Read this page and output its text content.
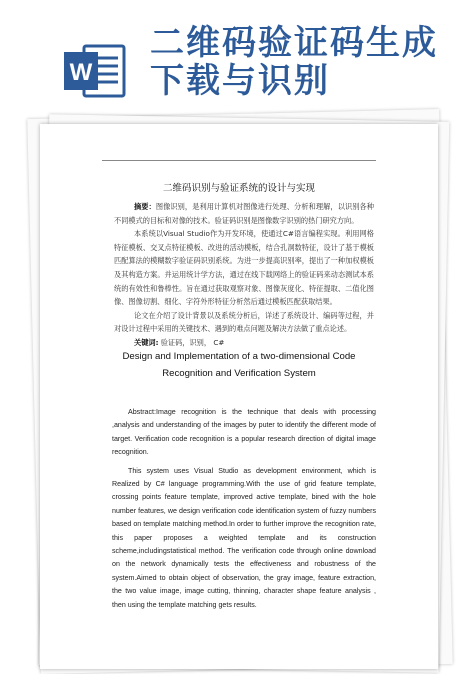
W
二维码验证码生成
下载与识别
二维码识别与验证系统的设计与实现

摘要：图像识别，是利用计算机对图像进行处理、分析和理解，以识别各种不同模式的目标和对像的技术。验证码识别是图像数字识别的热门研究方向。

本系统以Visual Studio作为开发环境，使通过C#语言编程实现。利用网格特征模板、交叉点特征模板、改进的活动模板，结合孔洞数特征，设计了基于模板匹配算法的模糊数字验证码识别系统。为进一步提高识别率，提出了一种加权模板及其构造方案。并运用统计学方法，通过在线下载网络上的验证码来动态测试本系统的有效性和鲁棒性。旨在通过获取观察对象、图像灰度化、特征提取、二值化图像、图像切割、细化、字符外形特征分析然后通过模板匹配获取结果。

论文在介绍了设计背景以及系统分析后，详述了系统设计、编码等过程，并对设计过程中采用的关键技术、遇到的难点问题及解决方法做了重点论述。

关键词: 验证码，识别， C#

Design and Implementation of a two-dimensional Code
Recognition and Verification System

Abstract:Image recognition is the technique that deals with processing ,analysis and understanding of the images by puter to identify the different mode of target. Verification code recognition is a popular research direction of digital image recognition.

This system uses Visual Studio as development environment, which is Realized by C# language programming.With the use of grid feature template, crossing points feature template, improved active template, bined with the hole number features, we design verification code identification system of fuzzy numbers based on template matching method.In order to further improve the recognition rate, this paper proposes a weighted template and its construction scheme,includingstatistical method. The verification code through online download on the network dynamically tests the effectiveness and robustness of the system.Aimed to obtain object of observation, the gray image, feature extraction, the two value image, image cutting, thinning, character shape feature analysis , then using the template matching gets results.
